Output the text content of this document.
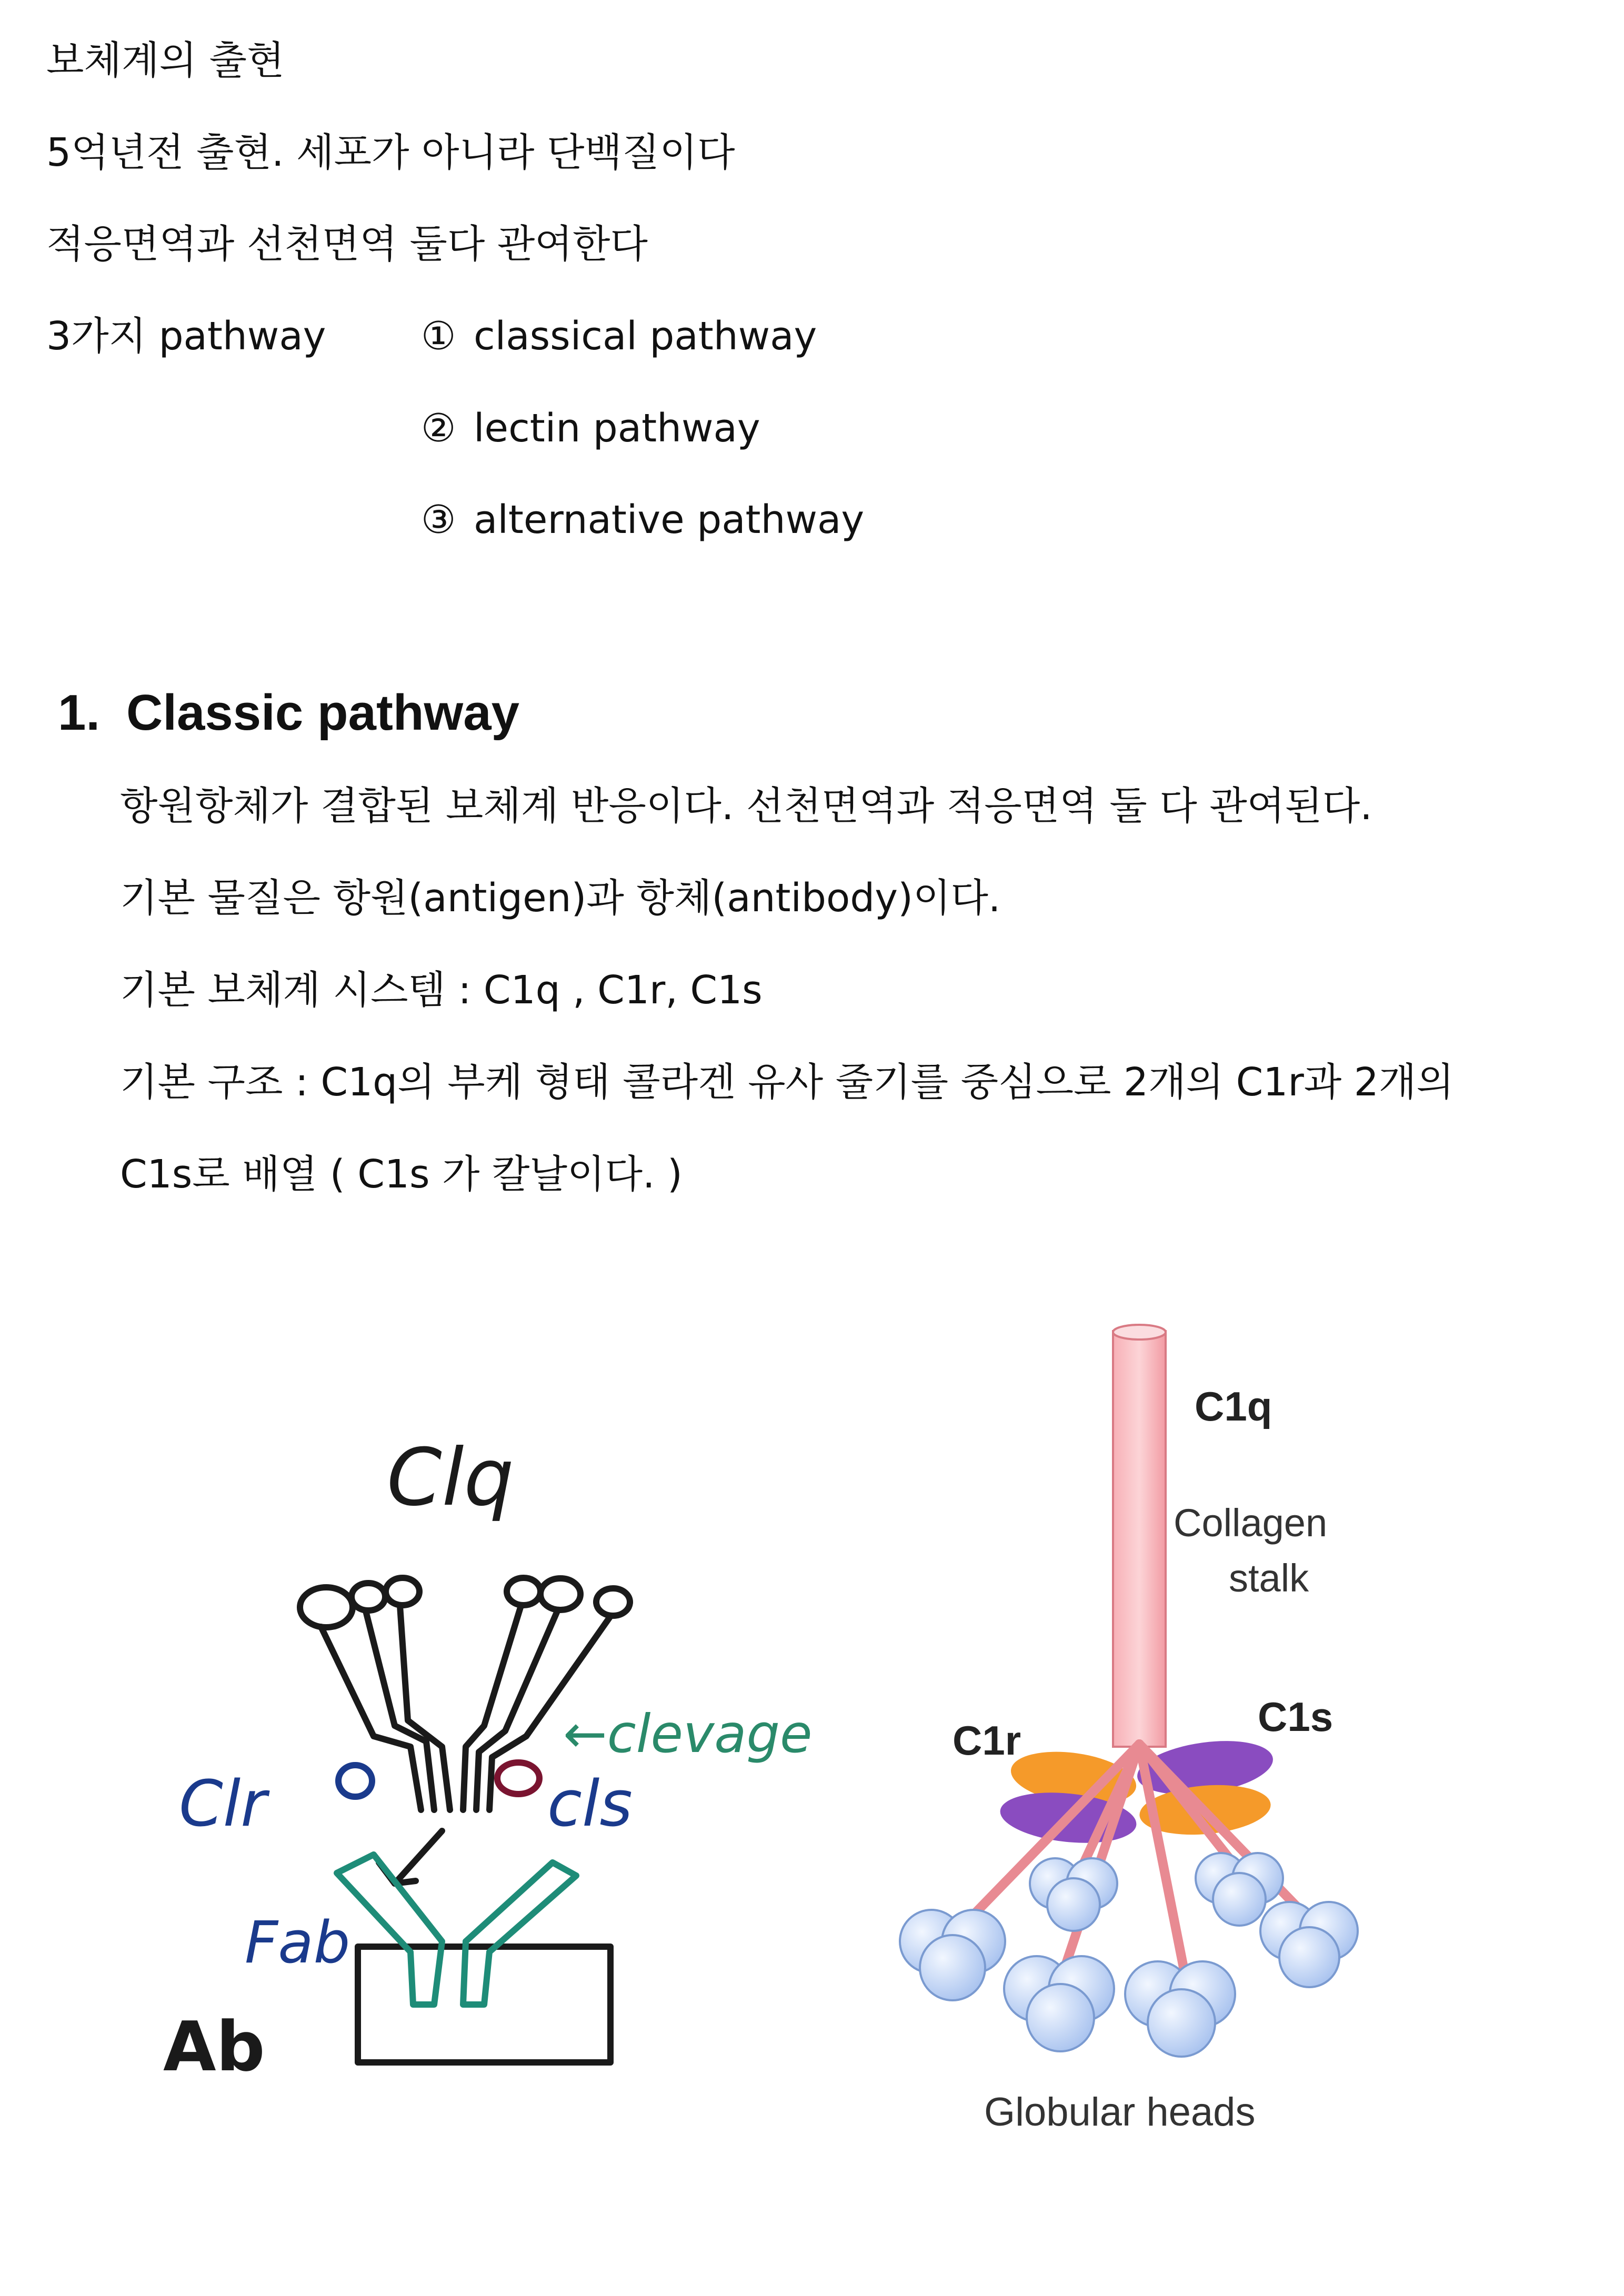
보체계의 출현
5억년전 출현. 세포가 아니라 단백질이다
적응면역과 선천면역 둘다 관여한다
3가지 pathway ① classical pathway
② lectin pathway
③ alternative pathway
1. Classic pathway
항원항체가 결합된 보체계 반응이다. 선천면역과 적응면역 둘 다 관여된다.
기본 물질은 항원(antigen)과 항체(antibody)이다.
기본 보체계 시스템 : C1q , C1r, C1s
기본 구조 : C1q의 부케 형태 콜라겐 유사 줄기를 중심으로 2개의 C1r과 2개의
C1s로 배열 ( C1s 가 칼날이다. )
Clq
Clr	cls
←clevage
Fab
Ab
C1q
Collagen
stalk
C1r
C1s
Globular heads
